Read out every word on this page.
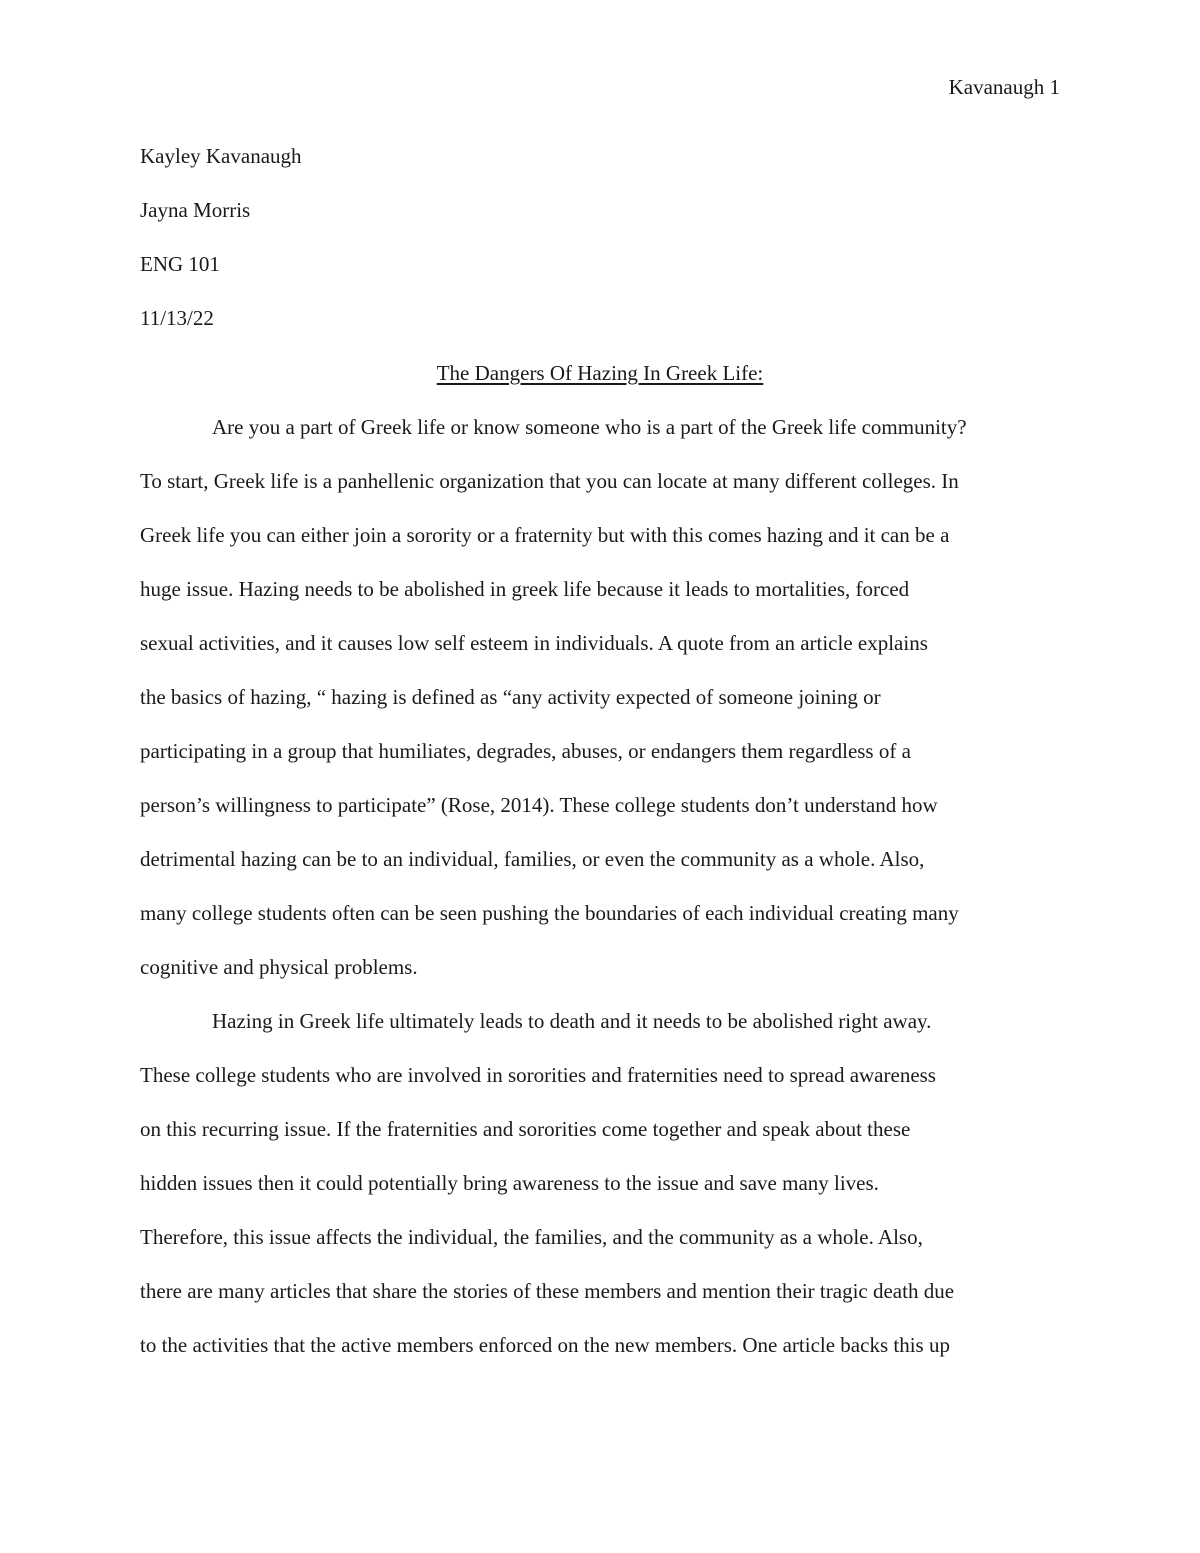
Kavanaugh 1
Kayley Kavanaugh
Jayna Morris
ENG 101
11/13/22
The Dangers Of Hazing In Greek Life:
Are you a part of Greek life or know someone who is a part of the Greek life community?
To start, Greek life is a panhellenic organization that you can locate at many different colleges. In
Greek life you can either join a sorority or a fraternity but with this comes hazing and it can be a
huge issue. Hazing needs to be abolished in greek life because it leads to mortalities, forced
sexual activities, and it causes low self esteem in individuals. A quote from an article explains
the basics of hazing, “ hazing is defined as “any activity expected of someone joining or
participating in a group that humiliates, degrades, abuses, or endangers them regardless of a
person’s willingness to participate” (Rose, 2014). These college students don’t understand how
detrimental hazing can be to an individual, families, or even the community as a whole. Also,
many college students often can be seen pushing the boundaries of each individual creating many
cognitive and physical problems.
Hazing in Greek life ultimately leads to death and it needs to be abolished right away.
These college students who are involved in sororities and fraternities need to spread awareness
on this recurring issue. If the fraternities and sororities come together and speak about these
hidden issues then it could potentially bring awareness to the issue and save many lives.
Therefore, this issue affects the individual, the families, and the community as a whole. Also,
there are many articles that share the stories of these members and mention their tragic death due
to the activities that the active members enforced on the new members. One article backs this up
